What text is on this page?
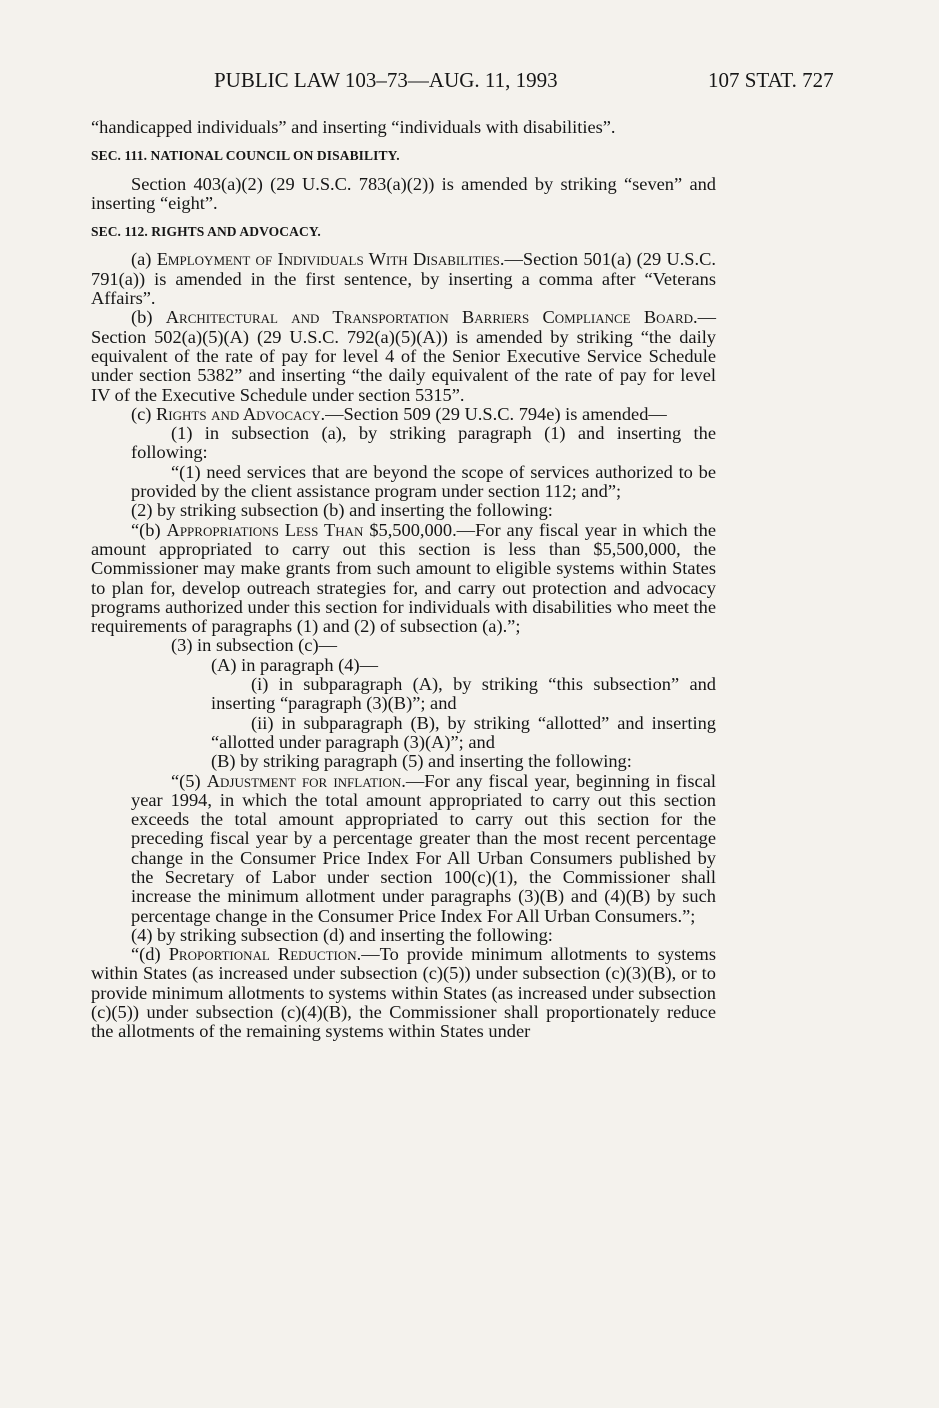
PUBLIC LAW 103–73—AUG. 11, 1993	107 STAT. 727

“handicapped individuals” and inserting “individuals with disabilities”.

SEC. 111. NATIONAL COUNCIL ON DISABILITY.

Section 403(a)(2) (29 U.S.C. 783(a)(2)) is amended by striking “seven” and inserting “eight”.

SEC. 112. RIGHTS AND ADVOCACY.

(a) Employment of Individuals With Disabilities.—Section 501(a) (29 U.S.C. 791(a)) is amended in the first sentence, by inserting a comma after “Veterans Affairs”.

(b) Architectural and Transportation Barriers Compliance Board.—Section 502(a)(5)(A) (29 U.S.C. 792(a)(5)(A)) is amended by striking “the daily equivalent of the rate of pay for level 4 of the Senior Executive Service Schedule under section 5382” and inserting “the daily equivalent of the rate of pay for level IV of the Executive Schedule under section 5315”.

(c) Rights and Advocacy.—Section 509 (29 U.S.C. 794e) is amended—

(1) in subsection (a), by striking paragraph (1) and inserting the following:

“(1) need services that are beyond the scope of services authorized to be provided by the client assistance program under section 112; and”;

(2) by striking subsection (b) and inserting the following:

“(b) Appropriations Less Than $5,500,000.—For any fiscal year in which the amount appropriated to carry out this section is less than $5,500,000, the Commissioner may make grants from such amount to eligible systems within States to plan for, develop outreach strategies for, and carry out protection and advocacy programs authorized under this section for individuals with disabilities who meet the requirements of paragraphs (1) and (2) of subsection (a).”;

(3) in subsection (c)—

(A) in paragraph (4)—

(i) in subparagraph (A), by striking “this subsection” and inserting “paragraph (3)(B)”; and

(ii) in subparagraph (B), by striking “allotted” and inserting “allotted under paragraph (3)(A)”; and

(B) by striking paragraph (5) and inserting the following:

“(5) Adjustment for inflation.—For any fiscal year, beginning in fiscal year 1994, in which the total amount appropriated to carry out this section exceeds the total amount appropriated to carry out this section for the preceding fiscal year by a percentage greater than the most recent percentage change in the Consumer Price Index For All Urban Consumers published by the Secretary of Labor under section 100(c)(1), the Commissioner shall increase the minimum allotment under paragraphs (3)(B) and (4)(B) by such percentage change in the Consumer Price Index For All Urban Consumers.”;

(4) by striking subsection (d) and inserting the following:

“(d) Proportional Reduction.—To provide minimum allotments to systems within States (as increased under subsection (c)(5)) under subsection (c)(3)(B), or to provide minimum allotments to systems within States (as increased under subsection (c)(5)) under subsection (c)(4)(B), the Commissioner shall proportionately reduce the allotments of the remaining systems within States under
